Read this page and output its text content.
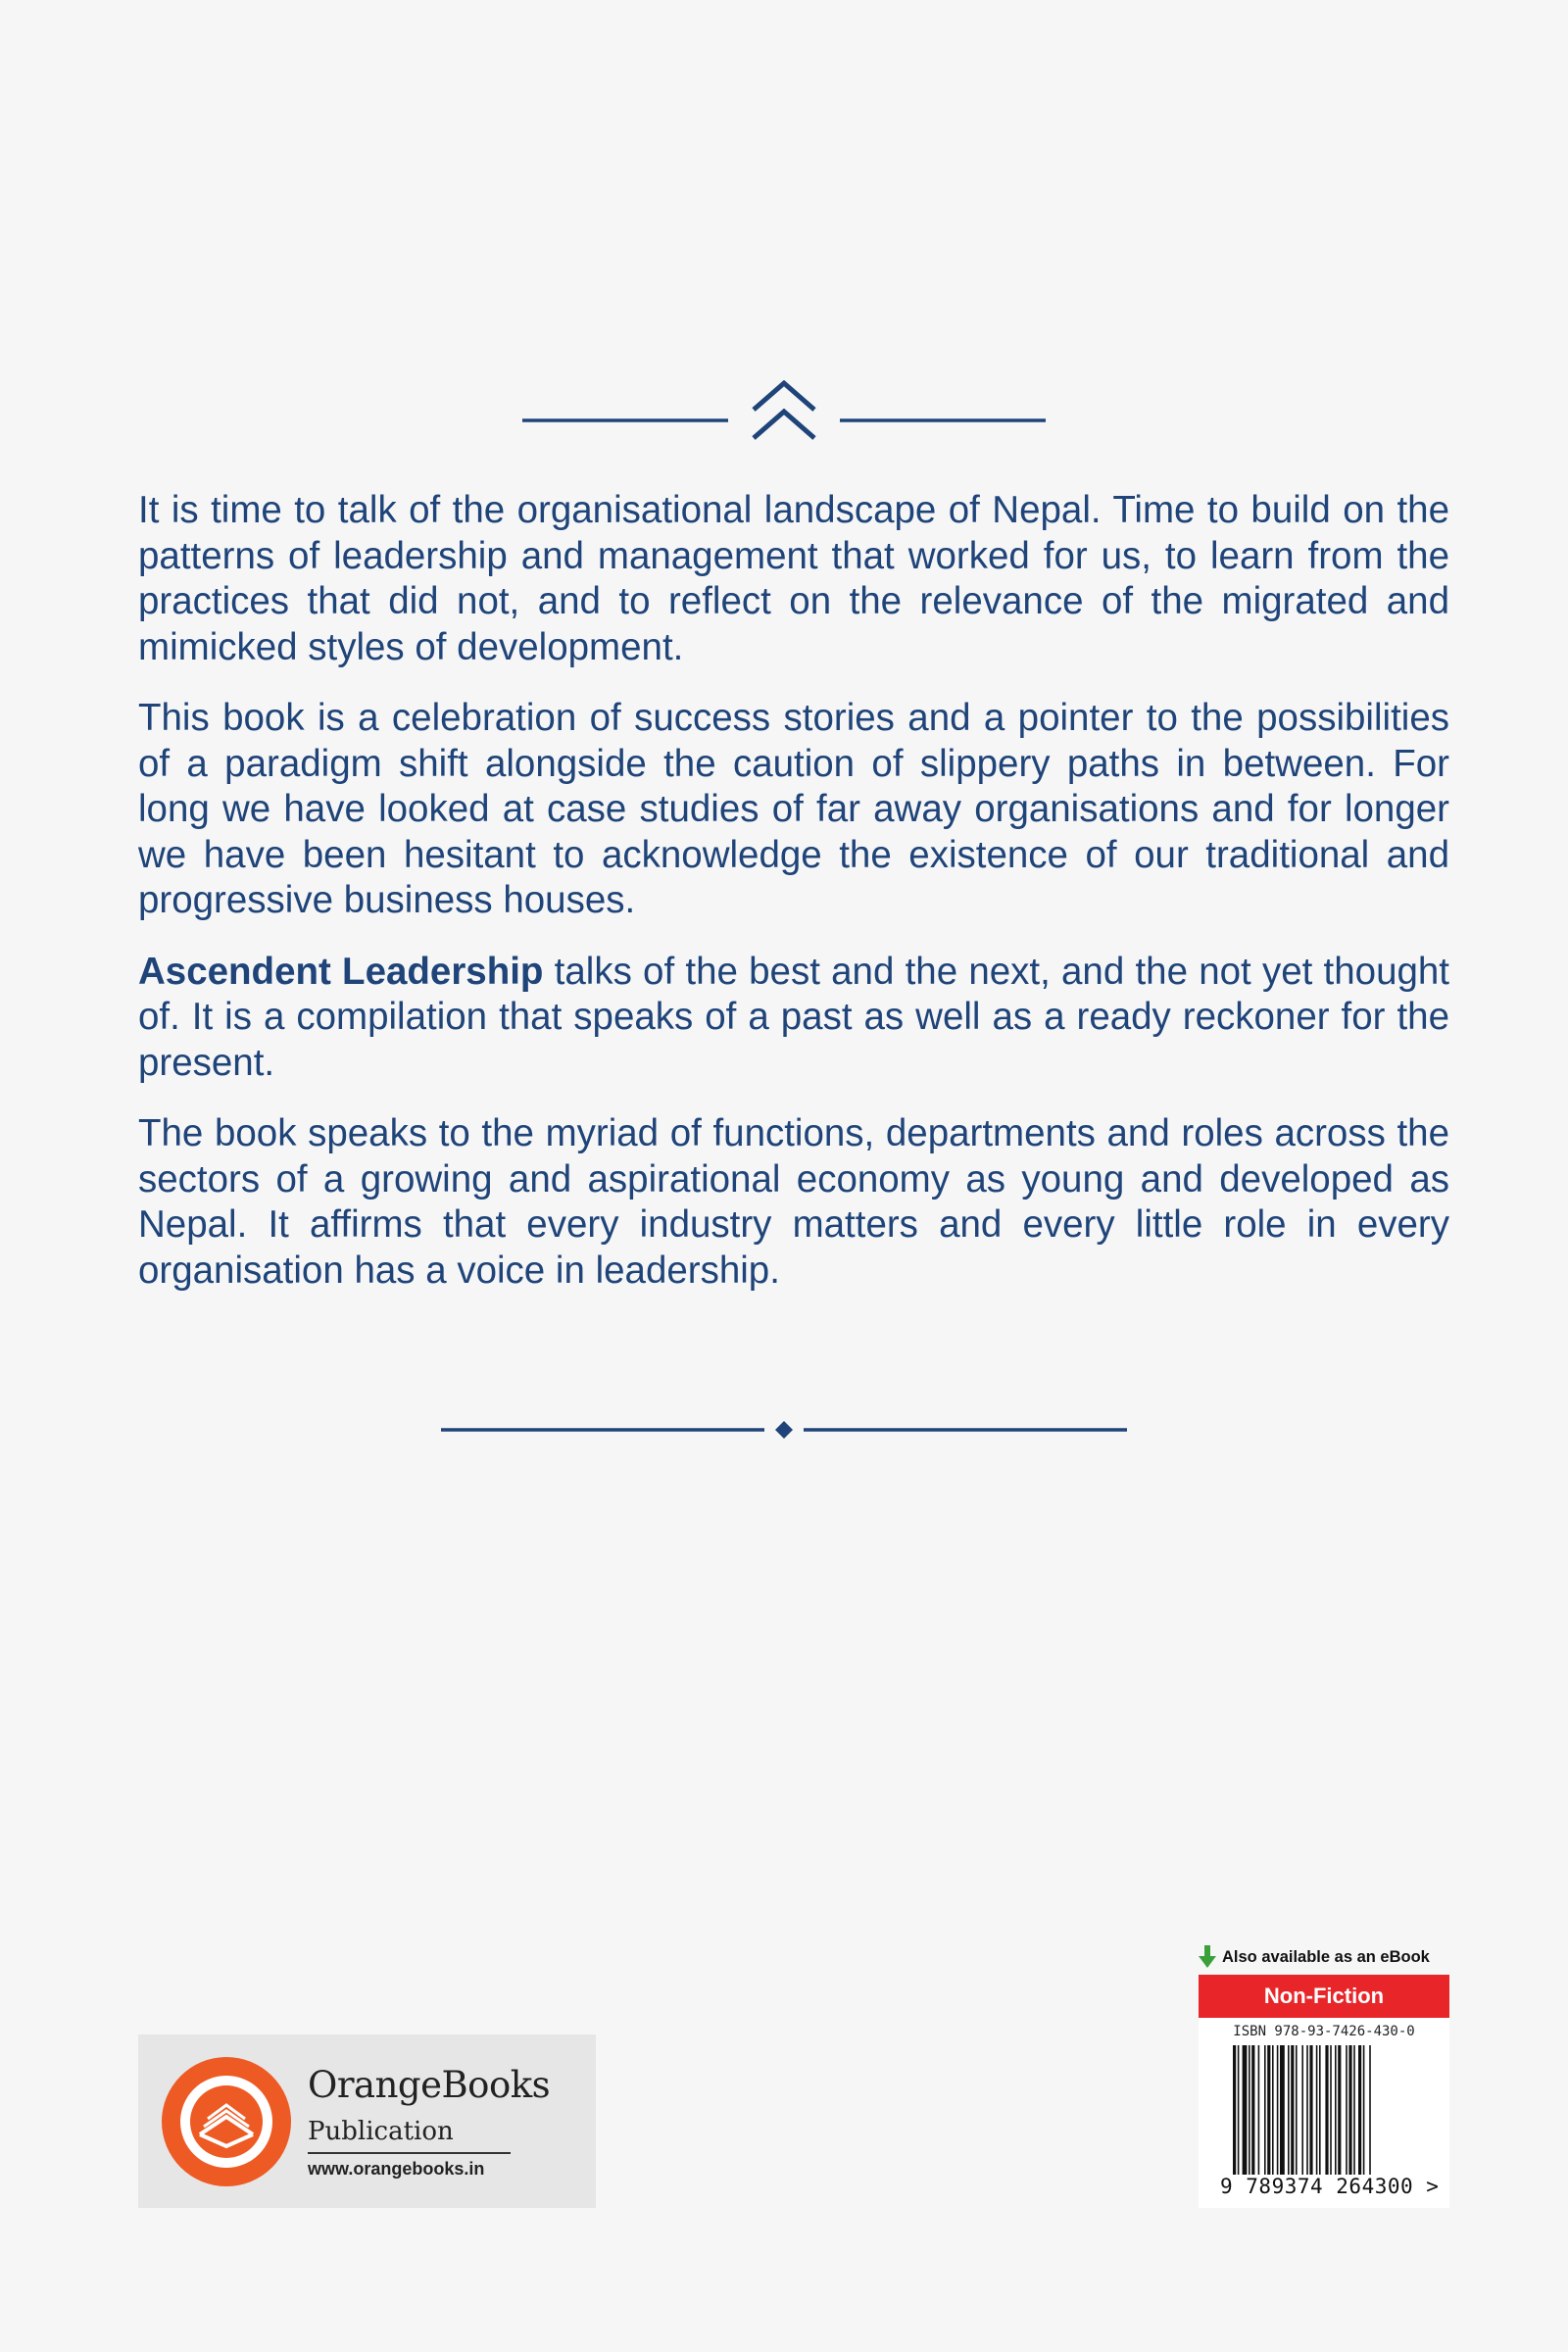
It is time to talk of the organisational landscape of Nepal. Time to build on the patterns of leadership and management that worked for us, to learn from the practices that did not, and to reflect on the relevance of the migrated and mimicked styles of development.

This book is a celebration of success stories and a pointer to the possibilities of a paradigm shift alongside the caution of slippery paths in between. For long we have looked at case studies of far away organisations and for longer we have been hesitant to acknowledge the existence of our traditional and progressive business houses.

Ascendent Leadership talks of the best and the next, and the not yet thought of. It is a compilation that speaks of a past as well as a ready reckoner for the present.

The book speaks to the myriad of functions, departments and roles across the sectors of a growing and aspirational economy as young and developed as Nepal. It affirms that every industry matters and every little role in every organisation has a voice in leadership.

OrangeBooks
Publication
www.orangebooks.in
Also available as an eBook
Non-Fiction
ISBN 978-93-7426-430-0
9 789374 264300 >
